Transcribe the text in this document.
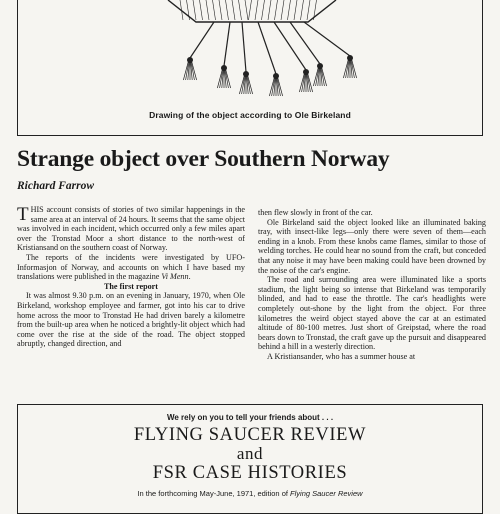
Drawing of the object according to Ole Birkeland
Strange object over Southern Norway
Richard Farrow

THIS account consists of stories of two similar happenings in the same area at an interval of 24 hours. It seems that the same object was involved in each incident, which occurred only a few miles apart over the Tronstad Moor a short distance to the north-west of Kristiansand on the southern coast of Norway.

The reports of the incidents were investigated by UFO-Informasjon of Norway, and accounts on which I have based my translations were published in the magazine Vi Menn.

The first report

It was almost 9.30 p.m. on an evening in January, 1970, when Ole Birkeland, workshop employee and farmer, got into his car to drive home across the moor to Tronstad He had driven barely a kilometre from the built-up area when he noticed a brightly-lit object which had come over the rise at the side of the road. The object stopped abruptly, changed direction, and

then flew slowly in front of the car.

Ole Birkeland said the object looked like an illuminated baking tray, with insect-like legs—only there were seven of them—each ending in a knob. From these knobs came flames, similar to those of welding torches. He could hear no sound from the craft, but conceded that any noise it may have been making could have been drowned by the noise of the car's engine.

The road and surrounding area were illuminated like a sports stadium, the light being so intense that Birkeland was temporarily blinded, and had to ease the throttle. The car's headlights were completely out-shone by the light from the object. For three kilometres the weird object stayed above the car at an estimated altitude of 80-100 metres. Just short of Greipstad, where the road bears down to Tronstad, the craft gave up the pursuit and disappeared behind a hill in a westerly direction.

A Kristiansander, who has a summer house at

We rely on you to tell your friends about . . .
FLYING SAUCER REVIEW
and
FSR CASE HISTORIES
In the forthcoming May-June, 1971, edition of Flying Saucer Review
